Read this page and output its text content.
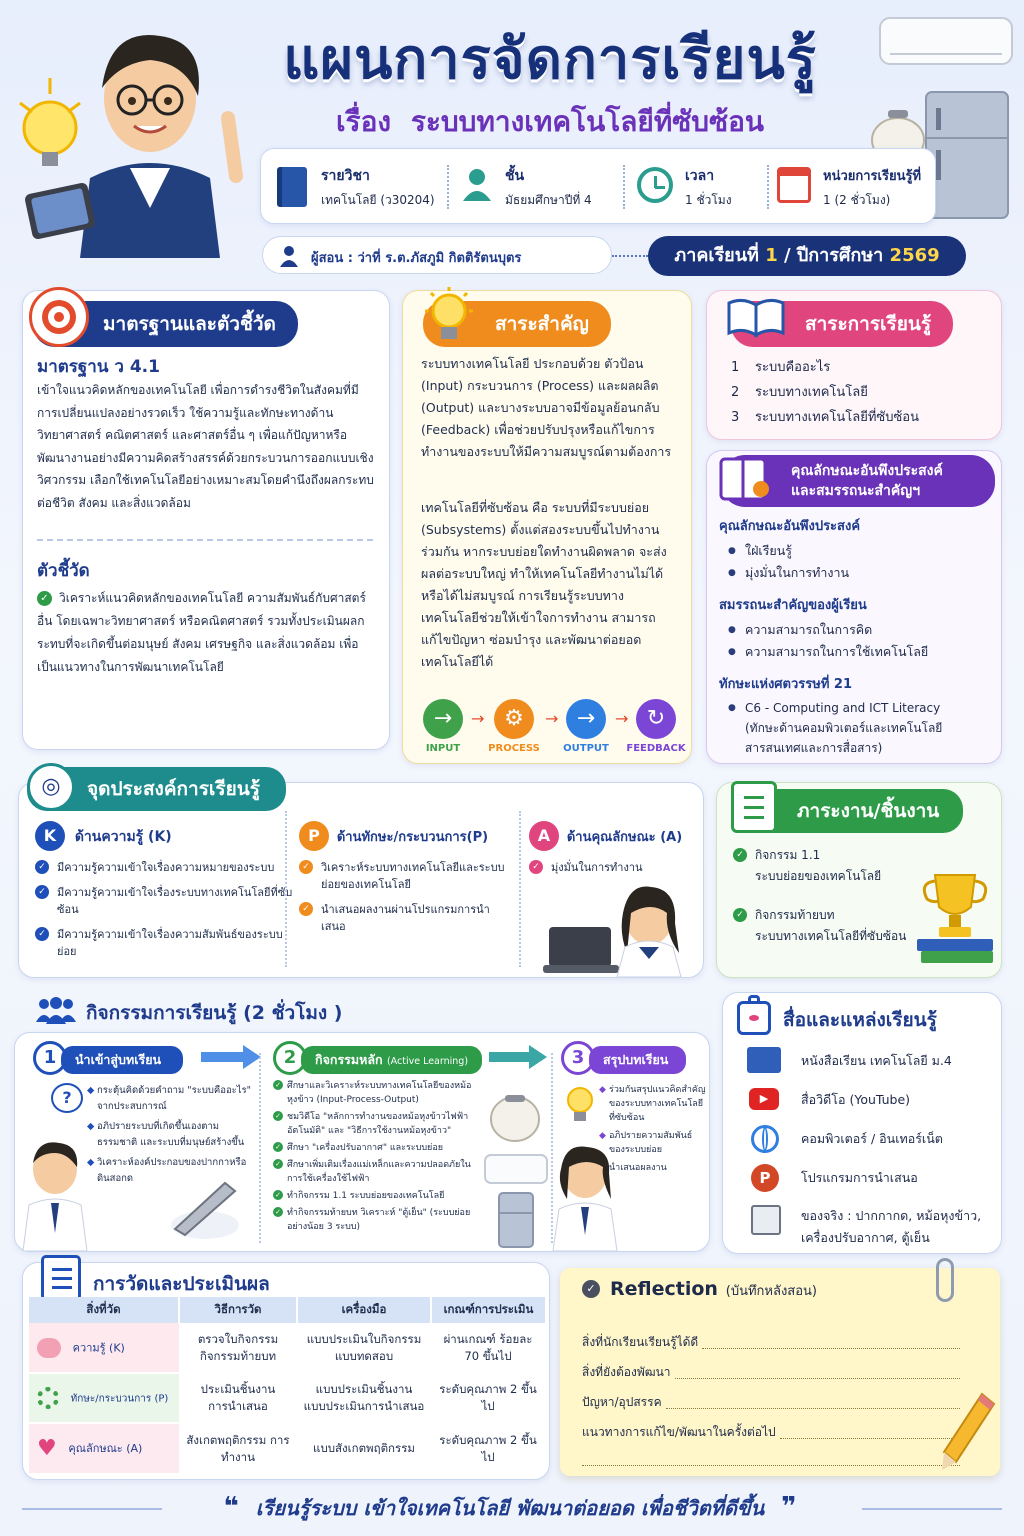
แผนการจัดการเรียนรู้
เรื่อง ระบบทางเทคโนโลยีที่ซับซ้อน
รายวิชา
เทคโนโลยี (ว30204)
ชั้น
มัธยมศึกษาปีที่ 4
เวลา
1 ชั่วโมง
หน่วยการเรียนรู้ที่
1 (2 ชั่วโมง)
ผู้สอน : ว่าที่ ร.ต.ภัสภูมิ กิตติรัตนบุตร	ภาคเรียนที่ 1 / ปีการศึกษา 2569
มาตรฐานและตัวชี้วัด
มาตรฐาน ว 4.1
เข้าใจแนวคิดหลักของเทคโนโลยี เพื่อการดำรงชีวิตในสังคมที่มีการเปลี่ยนแปลงอย่างรวดเร็ว ใช้ความรู้และทักษะทางด้านวิทยาศาสตร์ คณิตศาสตร์ และศาสตร์อื่น ๆ เพื่อแก้ปัญหาหรือพัฒนางานอย่างมีความคิดสร้างสรรค์ด้วยกระบวนการออกแบบเชิงวิศวกรรม เลือกใช้เทคโนโลยีอย่างเหมาะสมโดยคำนึงถึงผลกระทบต่อชีวิต สังคม และสิ่งแวดล้อม
ตัวชี้วัด
✓ วิเคราะห์แนวคิดหลักของเทคโนโลยี ความสัมพันธ์กับศาสตร์อื่น โดยเฉพาะวิทยาศาสตร์ หรือคณิตศาสตร์ รวมทั้งประเมินผลกระทบที่จะเกิดขึ้นต่อมนุษย์ สังคม เศรษฐกิจ และสิ่งแวดล้อม เพื่อเป็นแนวทางในการพัฒนาเทคโนโลยี
สาระสำคัญ
ระบบทางเทคโนโลยี ประกอบด้วย ตัวป้อน (Input) กระบวนการ (Process) และผลผลิต (Output) และบางระบบอาจมีข้อมูลย้อนกลับ (Feedback) เพื่อช่วยปรับปรุงหรือแก้ไขการทำงานของระบบให้มีความสมบูรณ์ตามต้องการ
เทคโนโลยีที่ซับซ้อน คือ ระบบที่มีระบบย่อย (Subsystems) ตั้งแต่สองระบบขึ้นไปทำงานร่วมกัน หากระบบย่อยใดทำงานผิดพลาด จะส่งผลต่อระบบใหญ่ ทำให้เทคโนโลยีทำงานไม่ได้หรือได้ไม่สมบูรณ์ การเรียนรู้ระบบทางเทคโนโลยีช่วยให้เข้าใจการทำงาน สามารถแก้ไขปัญหา ซ่อมบำรุง และพัฒนาต่อยอดเทคโนโลยีได้
→
INPUT
→ ⚙
PROCESS
→ →
OUTPUT
→ ↻
FEEDBACK
สาระการเรียนรู้
1 ระบบคืออะไร
2 ระบบทางเทคโนโลยี
3 ระบบทางเทคโนโลยีที่ซับซ้อน
คุณลักษณะอันพึงประสงค์
และสมรรถนะสำคัญฯ
คุณลักษณะอันพึงประสงค์
● ใฝ่เรียนรู้
● มุ่งมั่นในการทำงาน
สมรรถนะสำคัญของผู้เรียน
● ความสามารถในการคิด
● ความสามารถในการใช้เทคโนโลยี
ทักษะแห่งศตวรรษที่ 21
● C6 - Computing and ICT Literacy
(ทักษะด้านคอมพิวเตอร์และเทคโนโลยีสารสนเทศและการสื่อสาร)
จุดประสงค์การเรียนรู้
◎
K ด้านความรู้ (K)
✓ มีความรู้ความเข้าใจเรื่องความหมายของระบบ
✓ มีความรู้ความเข้าใจเรื่องระบบทางเทคโนโลยีที่ซับซ้อน
✓ มีความรู้ความเข้าใจเรื่องความสัมพันธ์ของระบบย่อย
P ด้านทักษะ/กระบวนการ(P)
✓ วิเคราะห์ระบบทางเทคโนโลยีและระบบย่อยของเทคโนโลยี
✓ นำเสนอผลงานผ่านโปรแกรมการนำเสนอ
A ด้านคุณลักษณะ (A)
✓ มุ่งมั่นในการทำงาน
ภาระงาน/ชิ้นงาน
✓ กิจกรรม 1.1
ระบบย่อยของเทคโนโลยี
✓ กิจกรรมท้ายบท
ระบบทางเทคโนโลยีที่ซับซ้อน
กิจกรรมการเรียนรู้ (2 ชั่วโมง )
1	นำเข้าสู่บทเรียน
?	◆ กระตุ้นคิดด้วยคำถาม "ระบบคืออะไร" จากประสบการณ์
◆ อภิปรายระบบที่เกิดขึ้นเองตามธรรมชาติ และระบบที่มนุษย์สร้างขึ้น
◆ วิเคราะห์องค์ประกอบของปากกาหรือดินสอกด
2	กิจกรรมหลัก (Active Learning)
✓ ศึกษาและวิเคราะห์ระบบทางเทคโนโลยีของหม้อหุงข้าว (Input-Process-Output)
✓ ชมวิดีโอ "หลักการทำงานของหม้อหุงข้าวไฟฟ้าอัตโนมัติ" และ "วิธีการใช้งานหม้อหุงข้าว"
✓ ศึกษา "เครื่องปรับอากาศ" และระบบย่อย
✓ ศึกษาเพิ่มเติมเรื่องแม่เหล็กและความปลอดภัยในการใช้เครื่องใช้ไฟฟ้า
✓ ทำกิจกรรม 1.1 ระบบย่อยของเทคโนโลยี
✓ ทำกิจกรรมท้ายบท วิเคราะห์ "ตู้เย็น" (ระบบย่อยอย่างน้อย 3 ระบบ)
3	สรุปบทเรียน
◆ ร่วมกันสรุปแนวคิดสำคัญของระบบทางเทคโนโลยีที่ซับซ้อน
◆ อภิปรายความสัมพันธ์ของระบบย่อย
นำเสนอผลงาน
สื่อและแหล่งเรียนรู้
หนังสือเรียน เทคโนโลยี ม.4
▶	สื่อวิดีโอ (YouTube)
คอมพิวเตอร์ / อินเทอร์เน็ต
P	โปรแกรมการนำเสนอ
ของจริง : ปากกากด, หม้อหุงข้าว, เครื่องปรับอากาศ, ตู้เย็น
การวัดและประเมินผล
สิ่งที่วัด	วิธีการวัด	เครื่องมือ	เกณฑ์การประเมิน
ความรู้ (K)	ตรวจใบกิจกรรม กิจกรรมท้ายบท	แบบประเมินใบกิจกรรม แบบทดสอบ	ผ่านเกณฑ์ ร้อยละ 70 ขึ้นไป
ทักษะ/กระบวนการ (P)	ประเมินชิ้นงาน การนำเสนอ	แบบประเมินชิ้นงาน แบบประเมินการนำเสนอ	ระดับคุณภาพ 2 ขึ้นไป
♥ คุณลักษณะ (A)	สังเกตพฤติกรรม การทำงาน	แบบสังเกตพฤติกรรม	ระดับคุณภาพ 2 ขึ้นไป
✓ Reflection (บันทึกหลังสอน)
สิ่งที่นักเรียนเรียนรู้ได้ดี
สิ่งที่ยังต้องพัฒนา
ปัญหา/อุปสรรค
แนวทางการแก้ไข/พัฒนาในครั้งต่อไป
❝ เรียนรู้ระบบ เข้าใจเทคโนโลยี พัฒนาต่อยอด เพื่อชีวิตที่ดีขึ้น ❞
